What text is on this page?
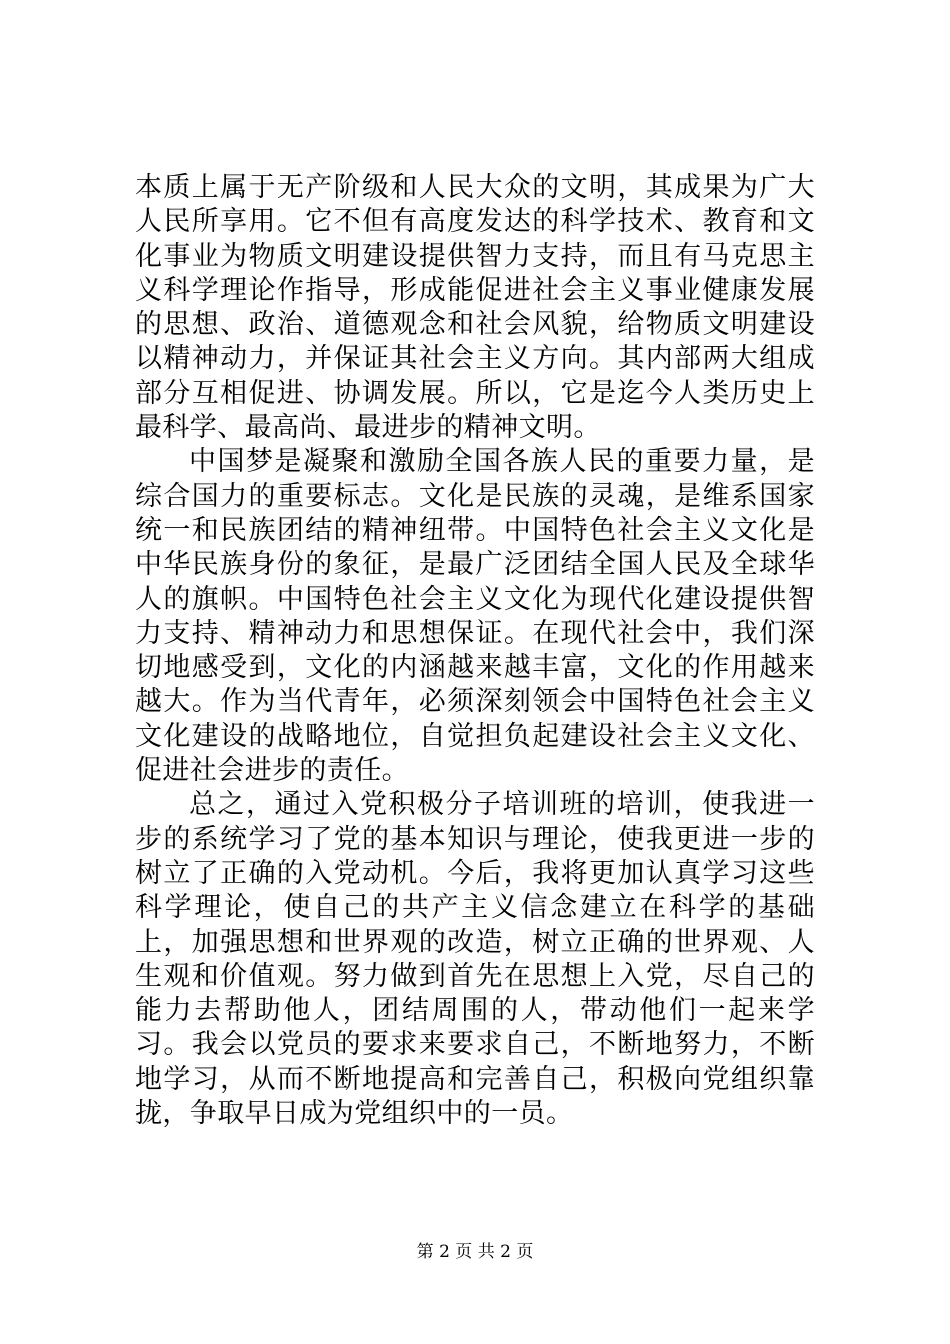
本质上属于无产阶级和人民大众的文明，其成果为广大人民所享用。它不但有高度发达的科学技术、教育和文化事业为物质文明建设提供智力支持，而且有马克思主义科学理论作指导，形成能促进社会主义事业健康发展的思想、政治、道德观念和社会风貌，给物质文明建设以精神动力，并保证其社会主义方向。其内部两大组成部分互相促进、协调发展。所以，它是迄今人类历史上最科学、最高尚、最进步的精神文明。

中国梦是凝聚和激励全国各族人民的重要力量，是综合国力的重要标志。文化是民族的灵魂，是维系国家统一和民族团结的精神纽带。中国特色社会主义文化是中华民族身份的象征，是最广泛团结全国人民及全球华人的旗帜。中国特色社会主义文化为现代化建设提供智力支持、精神动力和思想保证。在现代社会中，我们深切地感受到，文化的内涵越来越丰富，文化的作用越来越大。作为当代青年，必须深刻领会中国特色社会主义文化建设的战略地位，自觉担负起建设社会主义文化、促进社会进步的责任。

总之，通过入党积极分子培训班的培训，使我进一步的系统学习了党的基本知识与理论，使我更进一步的树立了正确的入党动机。今后，我将更加认真学习这些科学理论，使自己的共产主义信念建立在科学的基础上，加强思想和世界观的改造，树立正确的世界观、人生观和价值观。努力做到首先在思想上入党，尽自己的能力去帮助他人，团结周围的人，带动他们一起来学习。我会以党员的要求来要求自己，不断地努力，不断地学习，从而不断地提高和完善自己，积极向党组织靠拢，争取早日成为党组织中的一员。

第 2 页 共 2 页
